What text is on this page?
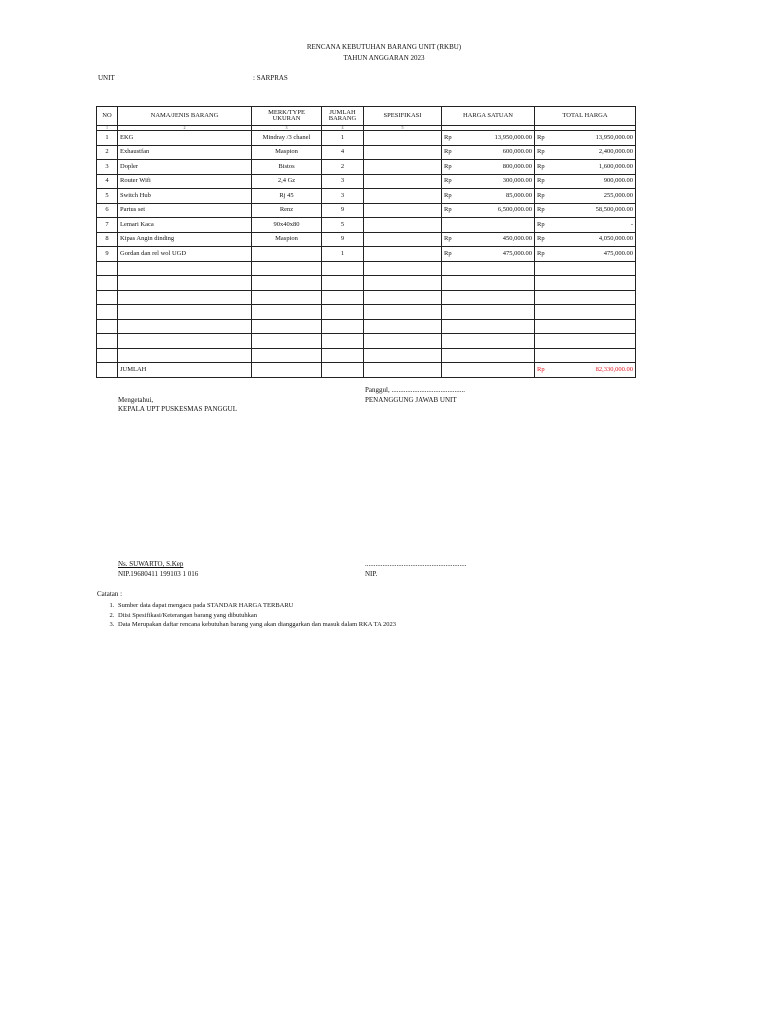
RENCANA KEBUTUHAN BARANG UNIT (RKBU)
TAHUN ANGGARAN 2023
UNIT	: SARPRAS
NO	NAMA/JENIS BARANG	MERK/TYPE UKURAN	JUMLAH BARANG	SPESIFIKASI	HARGA SATUAN	TOTAL HARGA
1	2	3	4	5		
1	EKG	Mindray /3 chanel	1		Rp 13,950,000.00	Rp 13,950,000.00

2	Exhaustfan	Maspion	4		Rp 600,000.00	Rp 2,400,000.00

3	Dopler	Bistos	2		Rp 800,000.00	Rp 1,600,000.00

4	Router Wifi	2,4 Gz	3		Rp 300,000.00	Rp 900,000.00

5	Switch Hub	Rj 45	3		Rp 85,000.00	Rp 255,000.00

6	Partus set	Renz	9		Rp 6,500,000.00	Rp 58,500,000.00

7	Lemari Kaca	90x40x80	5			Rp -

8	Kipas Angin dinding	Maspion	9		Rp 450,000.00	Rp 4,050,000.00

9	Gordan dan rel wol UGD		1		Rp 475,000.00	Rp 475,000.00

	JUMLAH					Rp 82,330,000.00
Panggul, ..........................................
Mengetahui,	PENANGGUNG JAWAB UNIT
KEPALA UPT PUSKESMAS PANGGUL
Ns. SUWARTO, S.Kep	..........................................................
NIP.19680411 199103 1 016	NIP.
Catatan :
1. Sumber data dapat mengacu pada STANDAR HARGA TERBARU
2. Diisi Spesifikasi/Keterangan barang yang dibutuhkan
3. Data Merupakan daftar rencana kebutuhan barang yang akan dianggarkan dan masuk dalam RKA TA 2023
